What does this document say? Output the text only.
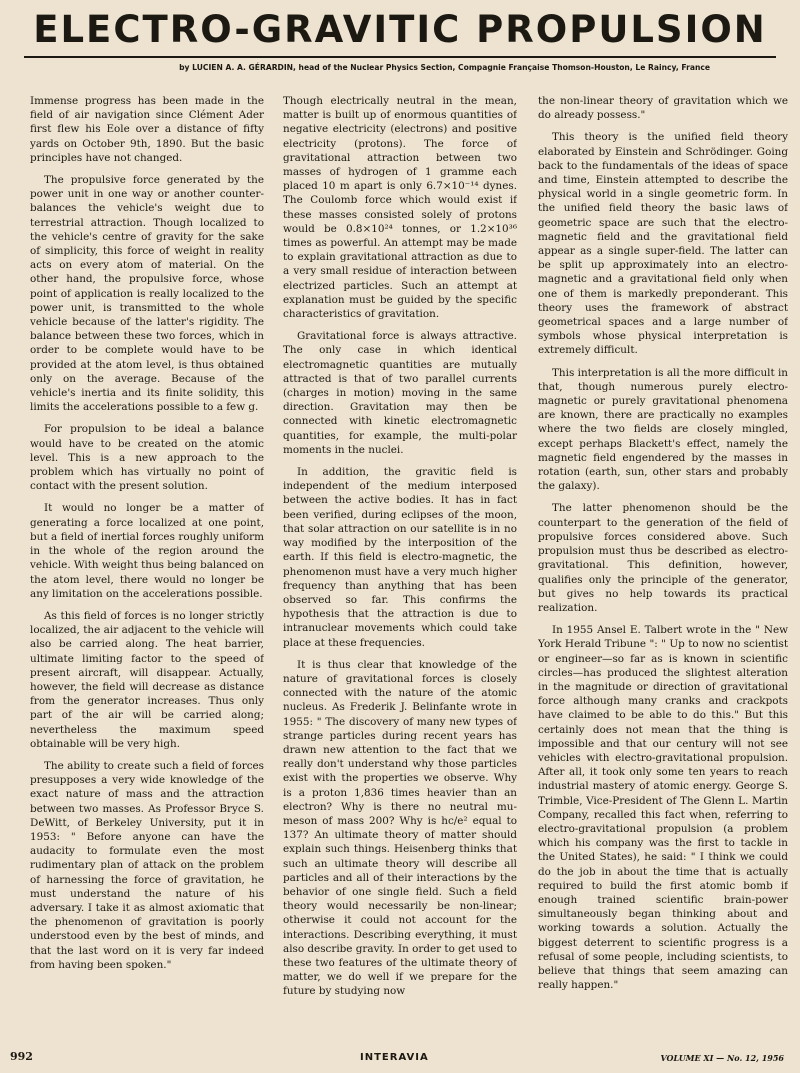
ELECTRO-GRAVITIC PROPULSION
by LUCIEN A. A. GÉRARDIN, head of the Nuclear Physics Section, Compagnie Française Thomson-Houston, Le Raincy, France

Immense progress has been made in the field of air navigation since Clément Ader first flew his Eole over a distance of fifty yards on October 9th, 1890. But the basic principles have not changed.

The propulsive force generated by the power unit in one way or another counter-balances the vehicle's weight due to terrestrial attraction. Though localized to the vehicle's centre of gravity for the sake of simplicity, this force of weight in reality acts on every atom of material. On the other hand, the propulsive force, whose point of application is really localized to the power unit, is transmitted to the whole vehicle because of the latter's rigidity. The balance between these two forces, which in order to be complete would have to be provided at the atom level, is thus obtained only on the average. Because of the vehicle's inertia and its finite solidity, this limits the accelerations possible to a few g.

For propulsion to be ideal a balance would have to be created on the atomic level. This is a new approach to the problem which has virtually no point of contact with the present solution.

It would no longer be a matter of generating a force localized at one point, but a field of inertial forces roughly uniform in the whole of the region around the vehicle. With weight thus being balanced on the atom level, there would no longer be any limitation on the accelerations possible.

As this field of forces is no longer strictly localized, the air adjacent to the vehicle will also be carried along. The heat barrier, ultimate limiting factor to the speed of present aircraft, will disappear. Actually, however, the field will decrease as distance from the generator increases. Thus only part of the air will be carried along; nevertheless the maximum speed obtainable will be very high.

The ability to create such a field of forces presupposes a very wide knowledge of the exact nature of mass and the attraction between two masses. As Professor Bryce S. DeWitt, of Berkeley University, put it in 1953: " Before anyone can have the audacity to formulate even the most rudimentary plan of attack on the problem of harnessing the force of gravitation, he must understand the nature of his adversary. I take it as almost axiomatic that the phenomenon of gravitation is poorly understood even by the best of minds, and that the last word on it is very far indeed from having been spoken."

Though electrically neutral in the mean, matter is built up of enormous quantities of negative electricity (electrons) and positive electricity (protons). The force of gravitational attraction between two masses of hydrogen of 1 gramme each placed 10 m apart is only 6.7×10⁻¹⁴ dynes. The Coulomb force which would exist if these masses consisted solely of protons would be 0.8×10²⁴ tonnes, or 1.2×10³⁶ times as powerful. An attempt may be made to explain gravitational attraction as due to a very small residue of interaction between electrized particles. Such an attempt at explanation must be guided by the specific characteristics of gravitation.

Gravitational force is always attractive. The only case in which identical electromagnetic quantities are mutually attracted is that of two parallel currents (charges in motion) moving in the same direction. Gravitation may then be connected with kinetic electromagnetic quantities, for example, the multi-polar moments in the nuclei.

In addition, the gravitic field is independent of the medium interposed between the active bodies. It has in fact been verified, during eclipses of the moon, that solar attraction on our satellite is in no way modified by the interposition of the earth. If this field is electro-magnetic, the phenomenon must have a very much higher frequency than anything that has been observed so far. This confirms the hypothesis that the attraction is due to intranuclear movements which could take place at these frequencies.

It is thus clear that knowledge of the nature of gravitational forces is closely connected with the nature of the atomic nucleus. As Frederik J. Belinfante wrote in 1955: " The discovery of many new types of strange particles during recent years has drawn new attention to the fact that we really don't understand why those particles exist with the properties we observe. Why is a proton 1,836 times heavier than an electron? Why is there no neutral mu-meson of mass 200? Why is hc/e² equal to 137? An ultimate theory of matter should explain such things. Heisenberg thinks that such an ultimate theory will describe all particles and all of their interactions by the behavior of one single field. Such a field theory would necessarily be non-linear; otherwise it could not account for the interactions. Describing everything, it must also describe gravity. In order to get used to these two features of the ultimate theory of matter, we do well if we prepare for the future by studying now

the non-linear theory of gravitation which we do already possess."

This theory is the unified field theory elaborated by Einstein and Schrödinger. Going back to the fundamentals of the ideas of space and time, Einstein attempted to describe the physical world in a single geometric form. In the unified field theory the basic laws of geometric space are such that the electro-magnetic field and the gravitational field appear as a single super-field. The latter can be split up approximately into an electro-magnetic and a gravitational field only when one of them is markedly preponderant. This theory uses the framework of abstract geometrical spaces and a large number of symbols whose physical interpretation is extremely difficult.

This interpretation is all the more difficult in that, though numerous purely electro-magnetic or purely gravitational phenomena are known, there are practically no examples where the two fields are closely mingled, except perhaps Blackett's effect, namely the magnetic field engendered by the masses in rotation (earth, sun, other stars and probably the galaxy).

The latter phenomenon should be the counterpart to the generation of the field of propulsive forces considered above. Such propulsion must thus be described as electro-gravitational. This definition, however, qualifies only the principle of the generator, but gives no help towards its practical realization.

In 1955 Ansel E. Talbert wrote in the " New York Herald Tribune ": " Up to now no scientist or engineer—so far as is known in scientific circles—has produced the slightest alteration in the magnitude or direction of gravitational force although many cranks and crackpots have claimed to be able to do this." But this certainly does not mean that the thing is impossible and that our century will not see vehicles with electro-gravitational propulsion. After all, it took only some ten years to reach industrial mastery of atomic energy. George S. Trimble, Vice-President of The Glenn L. Martin Company, recalled this fact when, referring to electro-gravitational propulsion (a problem which his company was the first to tackle in the United States), he said: " I think we could do the job in about the time that is actually required to build the first atomic bomb if enough trained scientific brain-power simultaneously began thinking about and working towards a solution. Actually the biggest deterrent to scientific progress is a refusal of some people, including scientists, to believe that things that seem amazing can really happen."

992	INTERAVIA	VOLUME XI — No. 12, 1956
